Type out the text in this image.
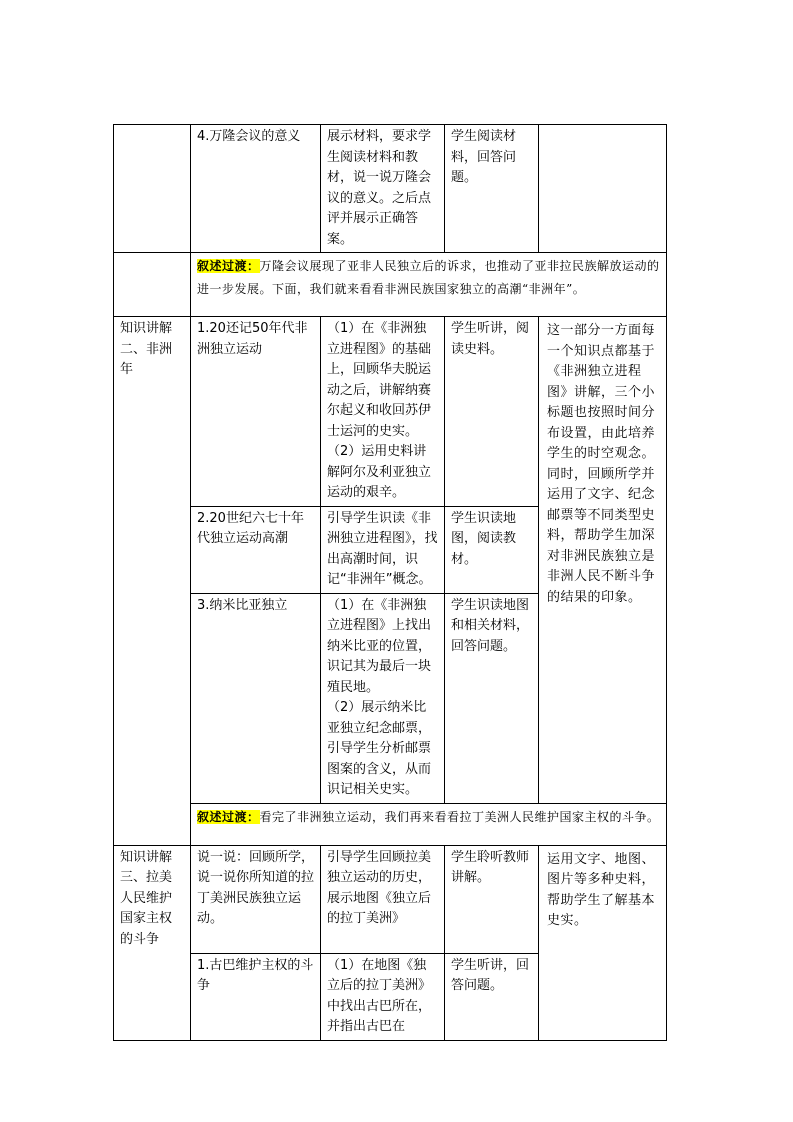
	4.万隆会议的意义	展示材料，要求学生阅读材料和教材，说一说万隆会议的意义。之后点评并展示正确答案。	学生阅读材料，回答问题。	
	叙述过渡：万隆会议展现了亚非人民独立后的诉求，也推动了亚非拉民族解放运动的进一步发展。下面，我们就来看看非洲民族国家独立的高潮“非洲年”。			
知识讲解二、非洲年	1.20还记50年代非洲独立运动	（1）在《非洲独立进程图》的基础上，回顾华夫脱运动之后，讲解纳赛尔起义和收回苏伊士运河的史实。
（2）运用史料讲解阿尔及利亚独立运动的艰辛。	学生听讲，阅读史料。	这一部分一方面每一个知识点都基于《非洲独立进程图》讲解，三个小标题也按照时间分布设置，由此培养学生的时空观念。同时，回顾所学并运用了文字、纪念邮票等不同类型史料，帮助学生加深对非洲民族独立是非洲人民不断斗争的结果的印象。
	2.20世纪六七十年代独立运动高潮	引导学生识读《非洲独立进程图》，找出高潮时间，识记“非洲年”概念。	学生识读地图，阅读教材。	
	3.纳米比亚独立	（1）在《非洲独立进程图》上找出纳米比亚的位置，识记其为最后一块殖民地。
（2）展示纳米比亚独立纪念邮票，引导学生分析邮票图案的含义，从而识记相关史实。	学生识读地图和相关材料，回答问题。	
	叙述过渡：看完了非洲独立运动，我们再来看看拉丁美洲人民维护国家主权的斗争。			
知识讲解三、拉美人民维护国家主权的斗争	说一说：回顾所学，说一说你所知道的拉丁美洲民族独立运动。	引导学生回顾拉美独立运动的历史，展示地图《独立后的拉丁美洲》	学生聆听教师讲解。	运用文字、地图、图片等多种史料，帮助学生了解基本史实。
	1.古巴维护主权的斗争	（1）在地图《独立后的拉丁美洲》中找出古巴所在，并指出古巴在	学生听讲，回答问题。	
